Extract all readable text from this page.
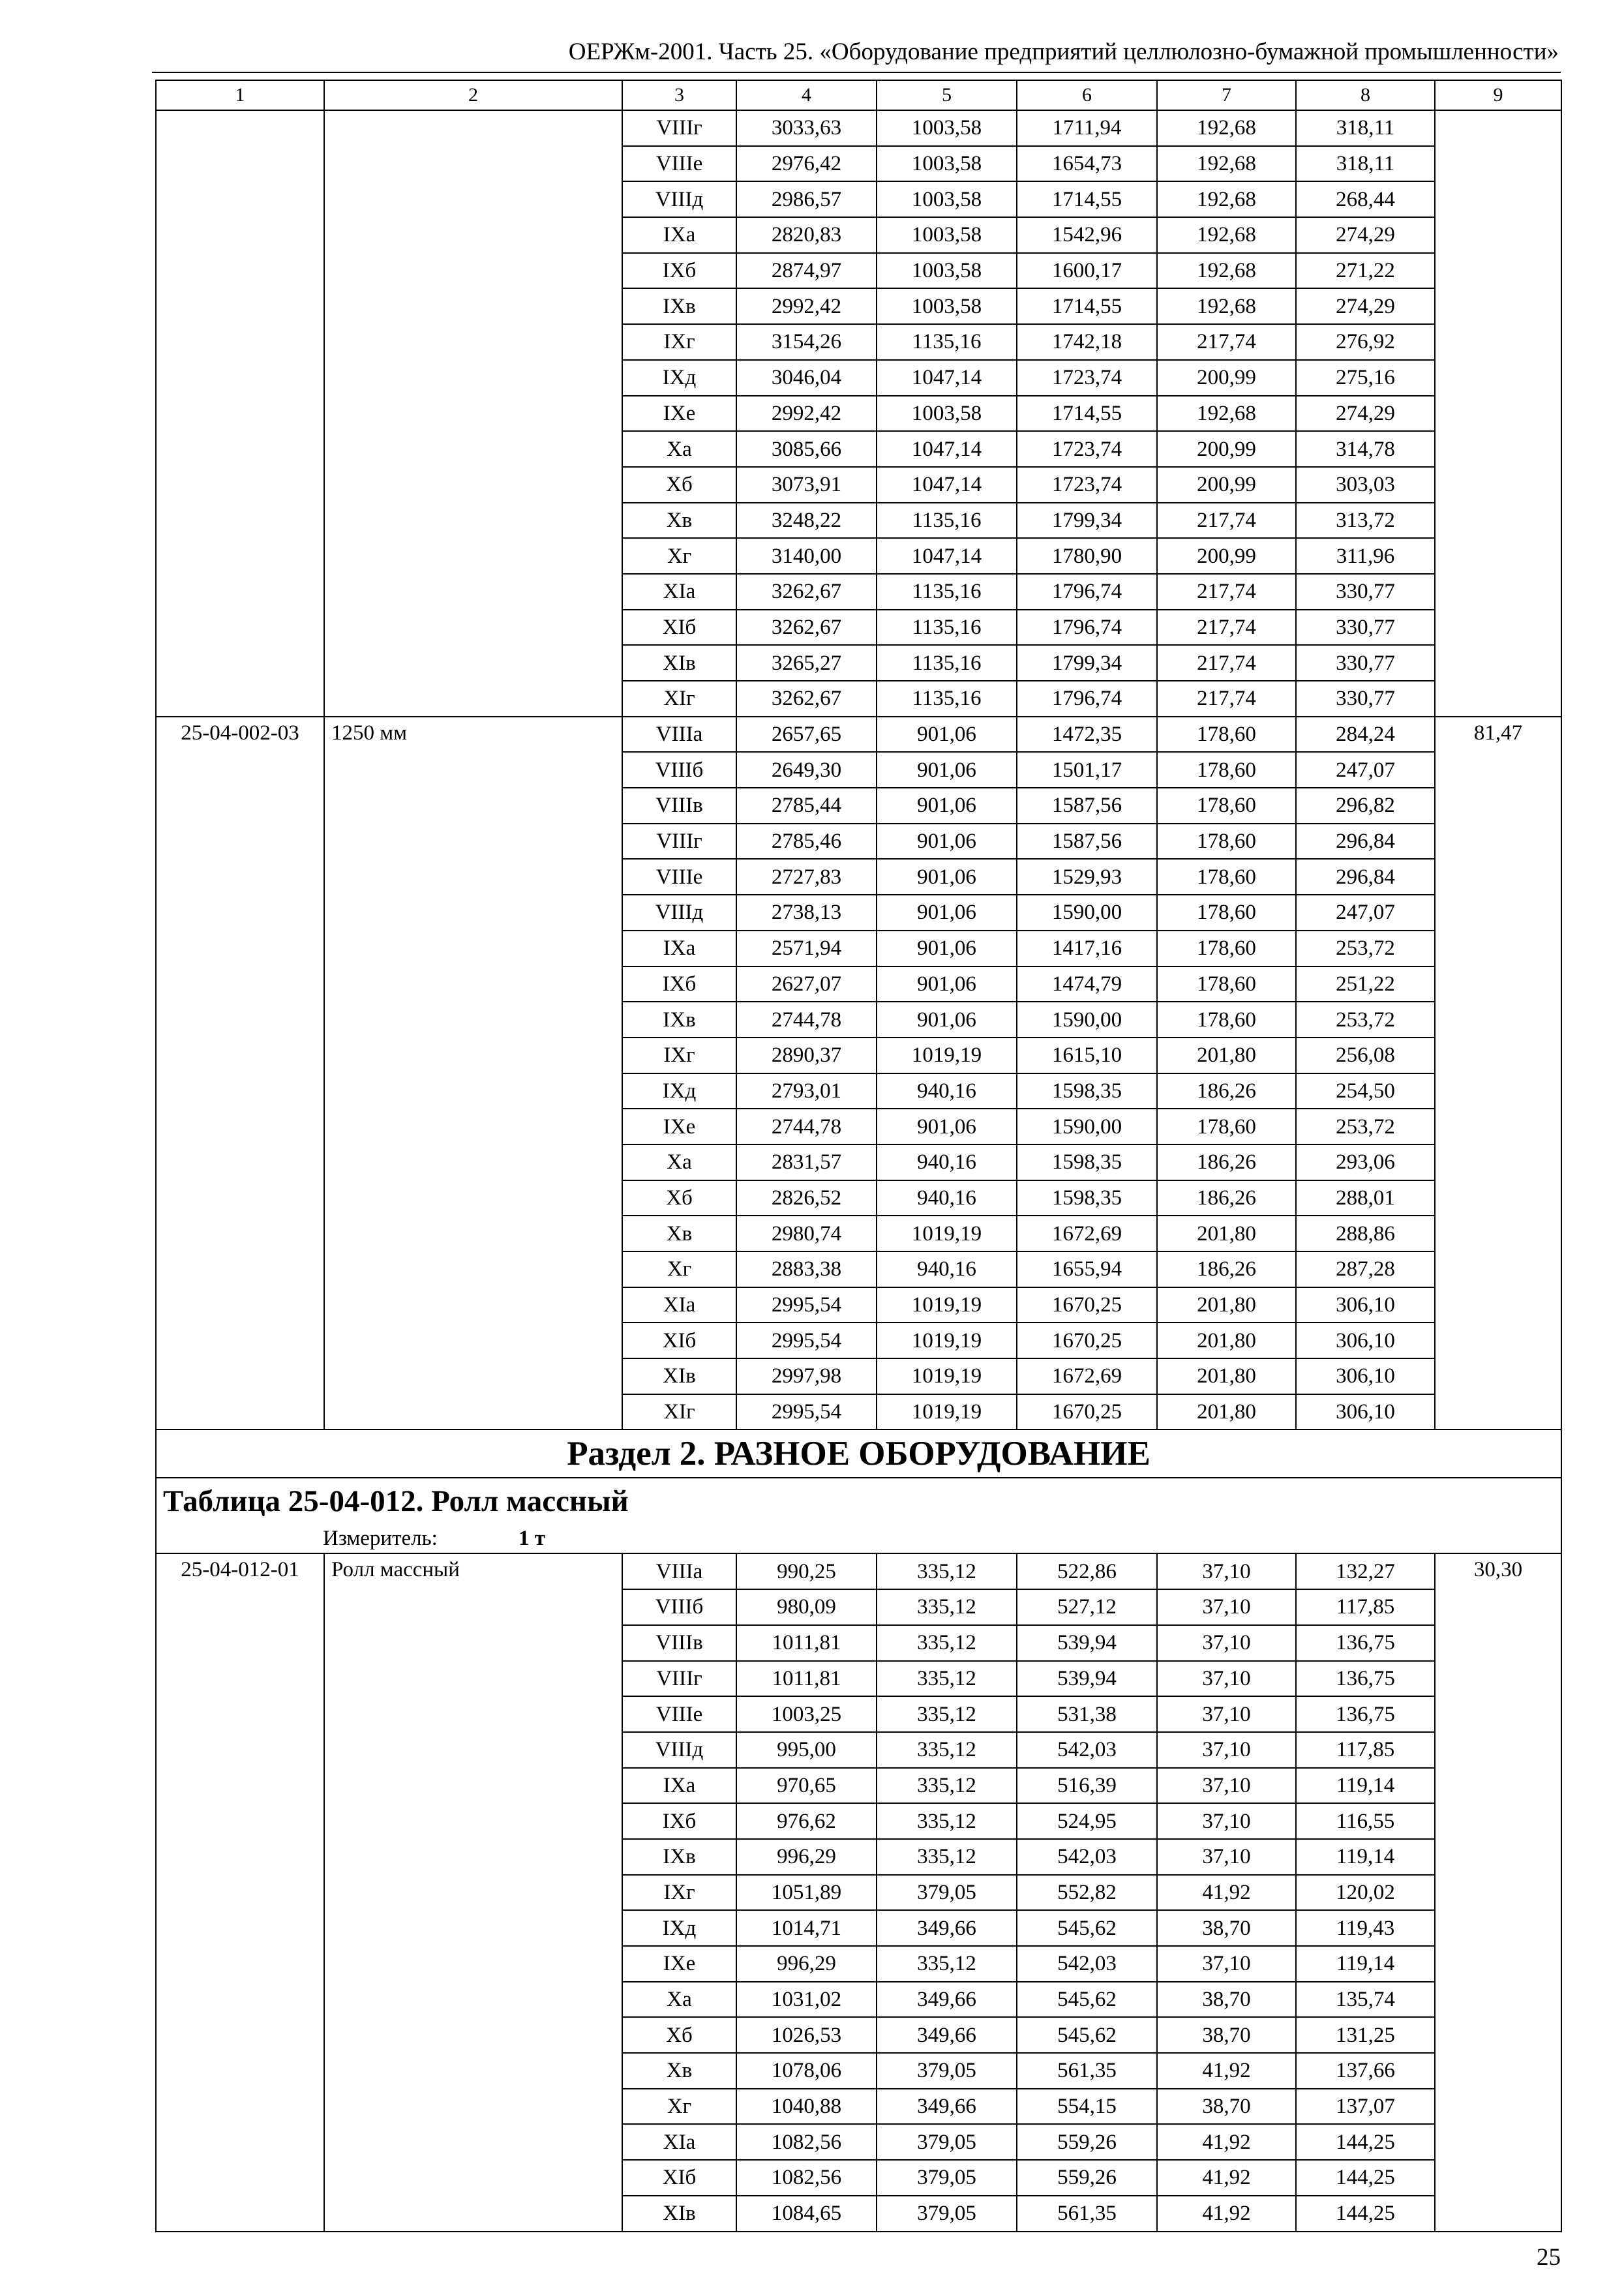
ОЕРЖм-2001. Часть 25. «Оборудование предприятий целлюлозно-бумажной промышленности»
1	2	3	4	5	6	7	8	9
		VIIIг	3033,63	1003,58	1711,94	192,68	318,11	
		VIIIе	2976,42	1003,58	1654,73	192,68	318,11	
		VIIIд	2986,57	1003,58	1714,55	192,68	268,44	
		IXа	2820,83	1003,58	1542,96	192,68	274,29	
		IXб	2874,97	1003,58	1600,17	192,68	271,22	
		IXв	2992,42	1003,58	1714,55	192,68	274,29	
		IXг	3154,26	1135,16	1742,18	217,74	276,92	
		IXд	3046,04	1047,14	1723,74	200,99	275,16	
		IXе	2992,42	1003,58	1714,55	192,68	274,29	
		Xа	3085,66	1047,14	1723,74	200,99	314,78	
		Xб	3073,91	1047,14	1723,74	200,99	303,03	
		Xв	3248,22	1135,16	1799,34	217,74	313,72	
		Xг	3140,00	1047,14	1780,90	200,99	311,96	
		XIа	3262,67	1135,16	1796,74	217,74	330,77	
		XIб	3262,67	1135,16	1796,74	217,74	330,77	
		XIв	3265,27	1135,16	1799,34	217,74	330,77	
		XIг	3262,67	1135,16	1796,74	217,74	330,77	
25-04-002-03	1250 мм	VIIIа	2657,65	901,06	1472,35	178,60	284,24	81,47
		VIIIб	2649,30	901,06	1501,17	178,60	247,07	
		VIIIв	2785,44	901,06	1587,56	178,60	296,82	
		VIIIг	2785,46	901,06	1587,56	178,60	296,84	
		VIIIе	2727,83	901,06	1529,93	178,60	296,84	
		VIIIд	2738,13	901,06	1590,00	178,60	247,07	
		IXа	2571,94	901,06	1417,16	178,60	253,72	
		IXб	2627,07	901,06	1474,79	178,60	251,22	
		IXв	2744,78	901,06	1590,00	178,60	253,72	
		IXг	2890,37	1019,19	1615,10	201,80	256,08	
		IXд	2793,01	940,16	1598,35	186,26	254,50	
		IXе	2744,78	901,06	1590,00	178,60	253,72	
		Xа	2831,57	940,16	1598,35	186,26	293,06	
		Xб	2826,52	940,16	1598,35	186,26	288,01	
		Xв	2980,74	1019,19	1672,69	201,80	288,86	
		Xг	2883,38	940,16	1655,94	186,26	287,28	
		XIа	2995,54	1019,19	1670,25	201,80	306,10	
		XIб	2995,54	1019,19	1670,25	201,80	306,10	
		XIв	2997,98	1019,19	1672,69	201,80	306,10	
		XIг	2995,54	1019,19	1670,25	201,80	306,10	
Раздел 2. РАЗНОЕ ОБОРУДОВАНИЕ								
Таблица 25-04-012. Ролл массный								
Измеритель: 1 т								
25-04-012-01	Ролл массный	VIIIа	990,25	335,12	522,86	37,10	132,27	30,30
		VIIIб	980,09	335,12	527,12	37,10	117,85	
		VIIIв	1011,81	335,12	539,94	37,10	136,75	
		VIIIг	1011,81	335,12	539,94	37,10	136,75	
		VIIIе	1003,25	335,12	531,38	37,10	136,75	
		VIIIд	995,00	335,12	542,03	37,10	117,85	
		IXа	970,65	335,12	516,39	37,10	119,14	
		IXб	976,62	335,12	524,95	37,10	116,55	
		IXв	996,29	335,12	542,03	37,10	119,14	
		IXг	1051,89	379,05	552,82	41,92	120,02	
		IXд	1014,71	349,66	545,62	38,70	119,43	
		IXе	996,29	335,12	542,03	37,10	119,14	
		Xа	1031,02	349,66	545,62	38,70	135,74	
		Xб	1026,53	349,66	545,62	38,70	131,25	
		Xв	1078,06	379,05	561,35	41,92	137,66	
		Xг	1040,88	349,66	554,15	38,70	137,07	
		XIа	1082,56	379,05	559,26	41,92	144,25	
		XIб	1082,56	379,05	559,26	41,92	144,25	
		XIв	1084,65	379,05	561,35	41,92	144,25	
25
